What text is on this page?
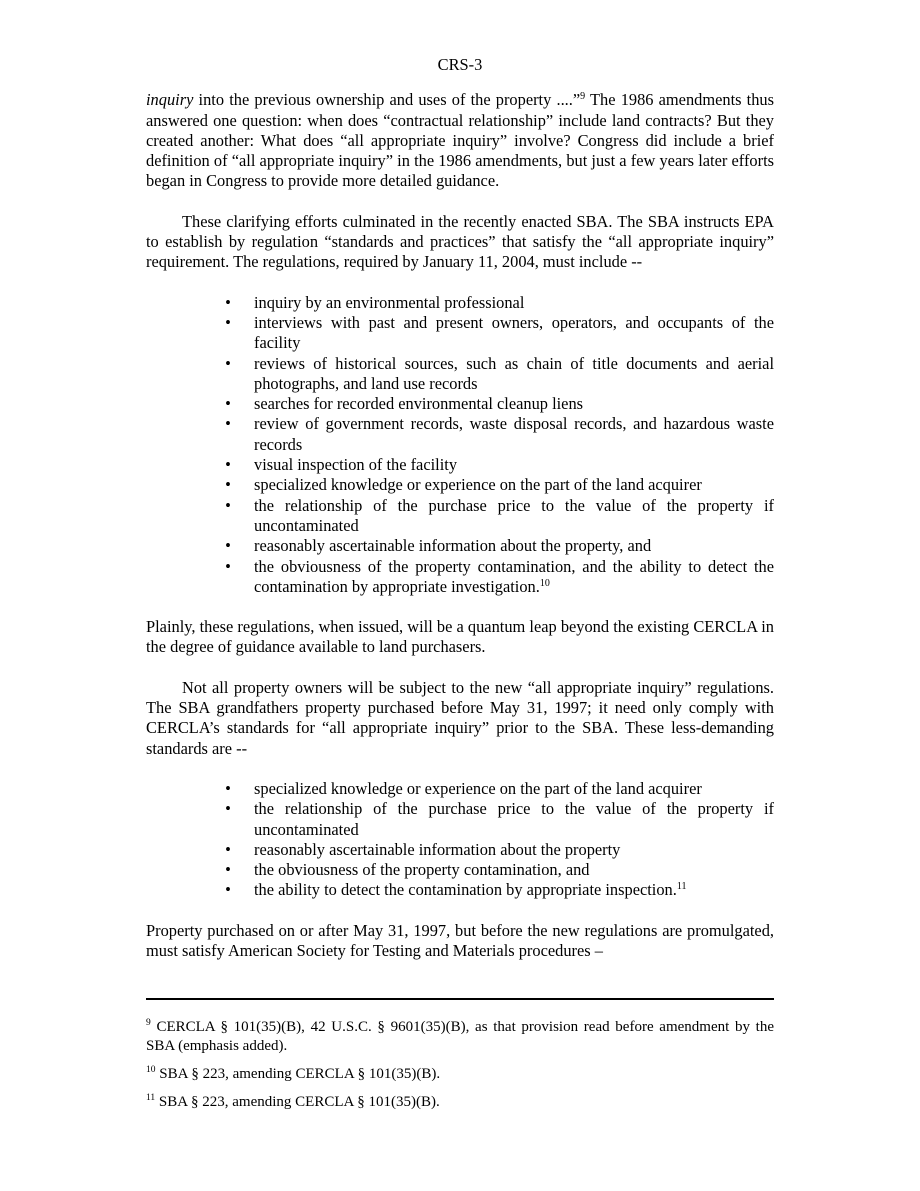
CRS-3

inquiry into the previous ownership and uses of the property ....”$^9$ The 1986 amendments thus answered one question: when does “contractual relationship” include land contracts? But they created another: What does “all appropriate inquiry” involve? Congress did include a brief definition of “all appropriate inquiry” in the 1986 amendments, but just a few years later efforts began in Congress to provide more detailed guidance.

These clarifying efforts culminated in the recently enacted SBA. The SBA instructs EPA to establish by regulation “standards and practices” that satisfy the “all appropriate inquiry” requirement. The regulations, required by January 11, 2004, must include --

•	inquiry by an environmental professional
•	interviews with past and present owners, operators, and occupants of the facility
•	reviews of historical sources, such as chain of title documents and aerial photographs, and land use records
•	searches for recorded environmental cleanup liens
•	review of government records, waste disposal records, and hazardous waste records
•	visual inspection of the facility
•	specialized knowledge or experience on the part of the land acquirer
•	the relationship of the purchase price to the value of the property if uncontaminated
•	reasonably ascertainable information about the property, and
•	the obviousness of the property contamination, and the ability to detect the contamination by appropriate investigation.$^{10}$

Plainly, these regulations, when issued, will be a quantum leap beyond the existing CERCLA in the degree of guidance available to land purchasers.

Not all property owners will be subject to the new “all appropriate inquiry” regulations. The SBA grandfathers property purchased before May 31, 1997; it need only comply with CERCLA’s standards for “all appropriate inquiry” prior to the SBA. These less-demanding standards are --

•	specialized knowledge or experience on the part of the land acquirer
•	the relationship of the purchase price to the value of the property if uncontaminated
•	reasonably ascertainable information about the property
•	the obviousness of the property contamination, and
•	the ability to detect the contamination by appropriate inspection.$^{11}$

Property purchased on or after May 31, 1997, but before the new regulations are promulgated, must satisfy American Society for Testing and Materials procedures –

$^9$ CERCLA § 101(35)(B), 42 U.S.C. § 9601(35)(B), as that provision read before amendment by the SBA (emphasis added).
$^{10}$ SBA § 223, amending CERCLA § 101(35)(B).
$^{11}$ SBA § 223, amending CERCLA § 101(35)(B).
